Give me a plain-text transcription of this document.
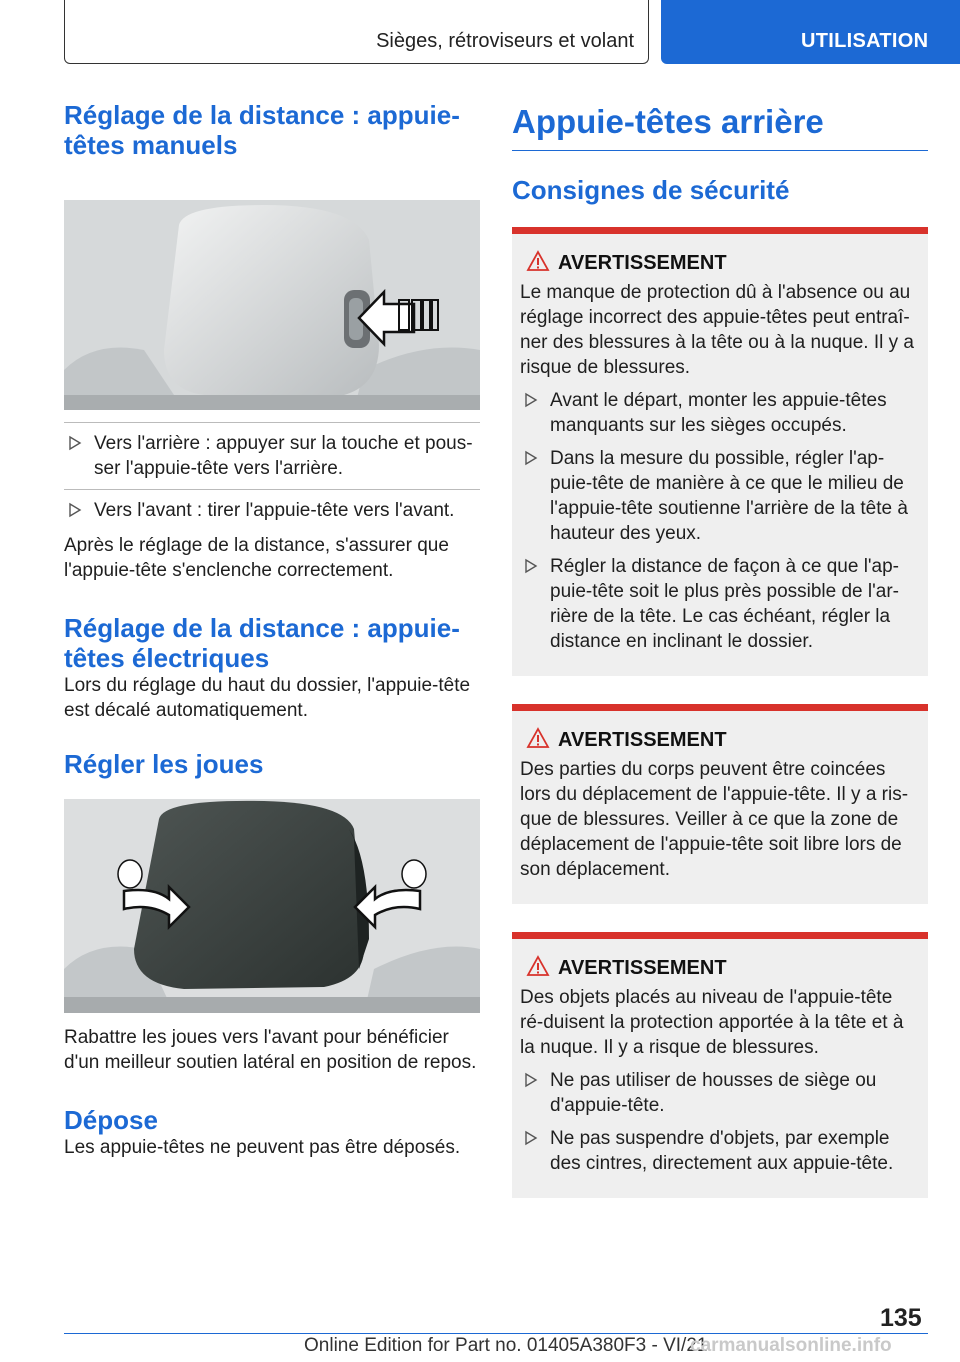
Sièges, rétroviseurs et volant	UTILISATION
Réglage de la distance : appuie-têtes manuels
Vers l'arrière : appuyer sur la touche et pous-ser l'appuie-tête vers l'arrière.
Vers l'avant : tirer l'appuie-tête vers l'avant.

Après le réglage de la distance, s'assurer que l'appuie-tête s'enclenche correctement.

Réglage de la distance : appuie-têtes électriques

Lors du réglage du haut du dossier, l'appuie-tête est décalé automatiquement.

Régler les joues

Rabattre les joues vers l'avant pour bénéficier d'un meilleur soutien latéral en position de repos.

Dépose

Les appuie-têtes ne peuvent pas être déposés.

Appuie-têtes arrière
Consignes de sécurité
AVERTISSEMENT

Le manque de protection dû à l'absence ou au réglage incorrect des appuie-têtes peut entraî-ner des blessures à la tête ou à la nuque. Il y a risque de blessures.

Avant le départ, monter les appuie-têtes manquants sur les sièges occupés.
Dans la mesure du possible, régler l'ap-puie-tête de manière à ce que le milieu de l'appuie-tête soutienne l'arrière de la tête à hauteur des yeux.
Régler la distance de façon à ce que l'ap-puie-tête soit le plus près possible de l'ar-rière de la tête. Le cas échéant, régler la distance en inclinant le dossier.
AVERTISSEMENT

Des parties du corps peuvent être coincées lors du déplacement de l'appuie-tête. Il y a ris-que de blessures. Veiller à ce que la zone de déplacement de l'appuie-tête soit libre lors de son déplacement.

AVERTISSEMENT

Des objets placés au niveau de l'appuie-tête ré-duisent la protection apportée à la tête et à la nuque. Il y a risque de blessures.

Ne pas utiliser de housses de siège ou d'appuie-tête.
Ne pas suspendre d'objets, par exemple des cintres, directement aux appuie-tête.
135
Online Edition for Part no. 01405A380F3 - VI/21
carmanualsonline.info
